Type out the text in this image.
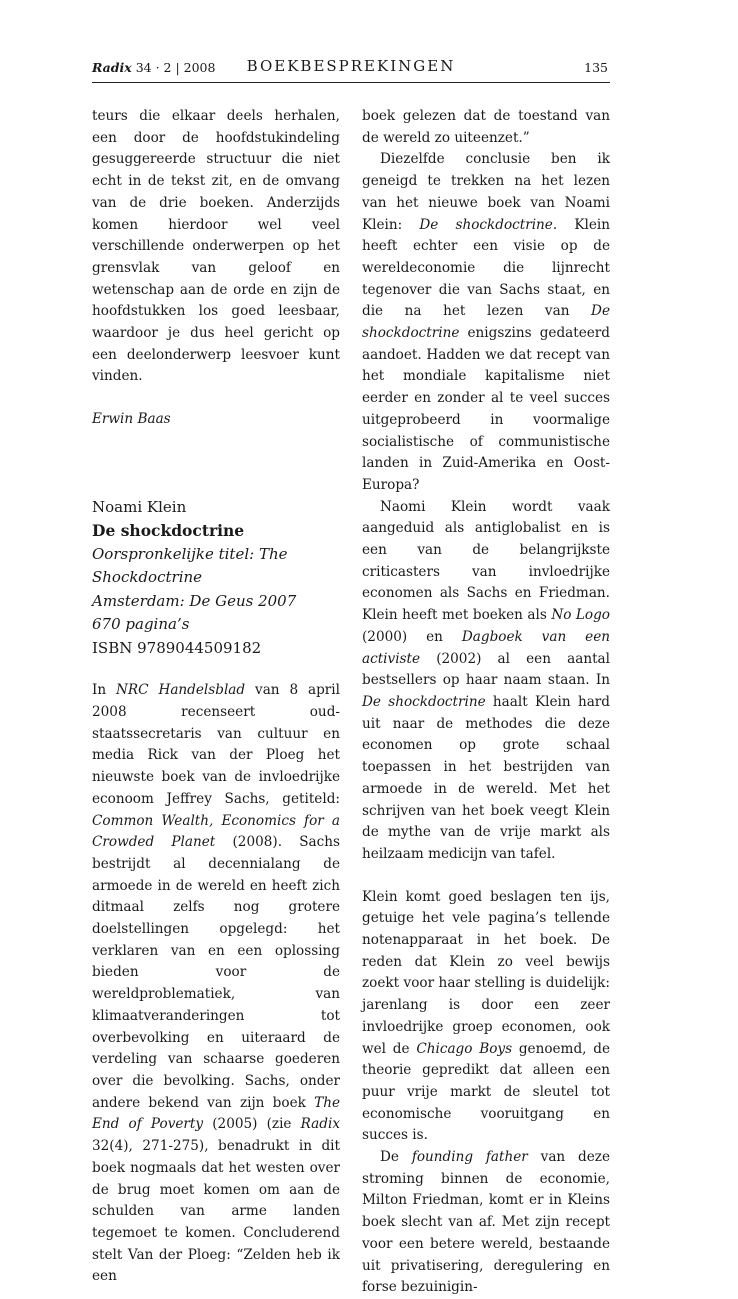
Radix 34 · 2 | 2008	BOEKBESPREKINGEN	135

teurs die elkaar deels herhalen, een door de hoofdstukindeling gesuggereerde structuur die niet echt in de tekst zit, en de omvang van de drie boeken. Anderzijds komen hierdoor wel veel verschillende onderwerpen op het grensvlak van geloof en wetenschap aan de orde en zijn de hoofdstukken los goed leesbaar, waardoor je dus heel gericht op een deelonderwerp leesvoer kunt vinden.

Erwin Baas

Noami Klein

De shockdoctrine

Oorspronkelijke titel: The Shockdoctrine

Amsterdam: De Geus 2007

670 pagina’s

ISBN 9789044509182

In NRC Handelsblad van 8 april 2008 recenseert oud-staatssecretaris van cultuur en media Rick van der Ploeg het nieuwste boek van de invloedrijke econoom Jeffrey Sachs, getiteld: Common Wealth, Economics for a Crowded Planet (2008). Sachs bestrijdt al decennialang de armoede in de wereld en heeft zich ditmaal zelfs nog grotere doelstellingen opgelegd: het verklaren van en een oplossing bieden voor de wereldproblematiek, van klimaatveranderingen tot overbevolking en uiteraard de verdeling van schaarse goederen over die bevolking. Sachs, onder andere bekend van zijn boek The End of Poverty (2005) (zie Radix 32(4), 271-275), benadrukt in dit boek nogmaals dat het westen over de brug moet komen om aan de schulden van arme landen tegemoet te komen. Concluderend stelt Van der Ploeg: “Zelden heb ik een

boek gelezen dat de toestand van de wereld zo uiteenzet.”

Diezelfde conclusie ben ik geneigd te trekken na het lezen van het nieuwe boek van Noami Klein: De shockdoctrine. Klein heeft echter een visie op de wereldeconomie die lijnrecht tegenover die van Sachs staat, en die na het lezen van De shockdoctrine enigszins gedateerd aandoet. Hadden we dat recept van het mondiale kapitalisme niet eerder en zonder al te veel succes uitgeprobeerd in voormalige socialistische of communistische landen in Zuid-Amerika en Oost-Europa?

Naomi Klein wordt vaak aangeduid als antiglobalist en is een van de belangrijkste criticasters van invloedrijke economen als Sachs en Friedman. Klein heeft met boeken als No Logo (2000) en Dagboek van een activiste (2002) al een aantal bestsellers op haar naam staan. In De shockdoctrine haalt Klein hard uit naar de methodes die deze economen op grote schaal toepassen in het bestrijden van armoede in de wereld. Met het schrijven van het boek veegt Klein de mythe van de vrije markt als heilzaam medicijn van tafel.

Klein komt goed beslagen ten ijs, getuige het vele pagina’s tellende notenapparaat in het boek. De reden dat Klein zo veel bewijs zoekt voor haar stelling is duidelijk: jarenlang is door een zeer invloedrijke groep economen, ook wel de Chicago Boys genoemd, de theorie gepredikt dat alleen een puur vrije markt de sleutel tot economische vooruitgang en succes is.

De founding father van deze stroming binnen de economie, Milton Friedman, komt er in Kleins boek slecht van af. Met zijn recept voor een betere wereld, bestaande uit privatisering, deregulering en forse bezuinigin-
